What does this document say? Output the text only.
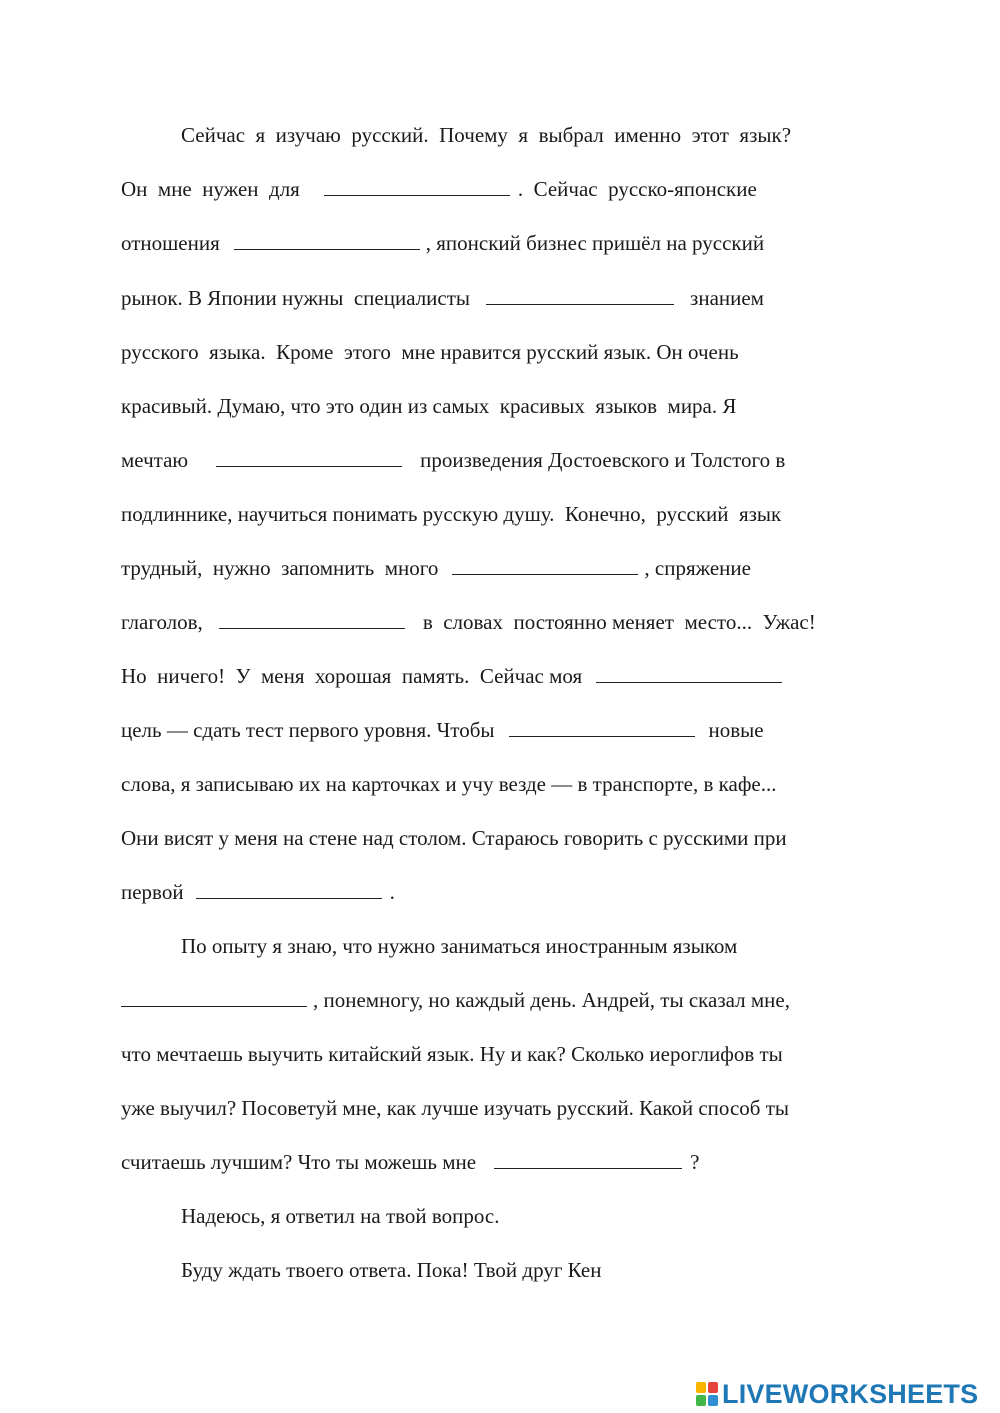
Сейчас  я  изучаю  русский.  Почему  я  выбрал  именно  этот  язык?
Он  мне  нужен  для	.  Сейчас  русско-японские
отношения	, японский бизнес пришёл на русский
рынок. В Японии нужны  специалисты	знанием
русского  языка.  Кроме  этого  мне нравится русский язык. Он очень
красивый. Думаю, что это один из самых  красивых  языков  мира. Я
мечтаю	произведения Достоевского и Толстого в
подлиннике, научиться понимать русскую душу.  Конечно,  русский  язык
трудный,  нужно  запомнить  много	, спряжение
глаголов,	в  словах  постоянно меняет  место...  Ужас!
Но  ничего!  У  меня  хорошая  память.  Сейчас моя
цель — сдать тест первого уровня. Чтобы	новые
слова, я записываю их на карточках и учу везде — в транспорте, в кафе...
Они висят у меня на стене над столом. Стараюсь говорить с русскими при
первой	.
По опыту я знаю, что нужно заниматься иностранным языком
, понемногу, но каждый день. Андрей, ты сказал мне,
что мечтаешь выучить китайский язык. Ну и как? Сколько иероглифов ты
уже выучил? Посоветуй мне, как лучше изучать русский. Какой способ ты
считаешь лучшим? Что ты можешь мне	?
Надеюсь, я ответил на твой вопрос.
Буду ждать твоего ответа. Пока! Твой друг Кен
LIVEWORKSHEETS
